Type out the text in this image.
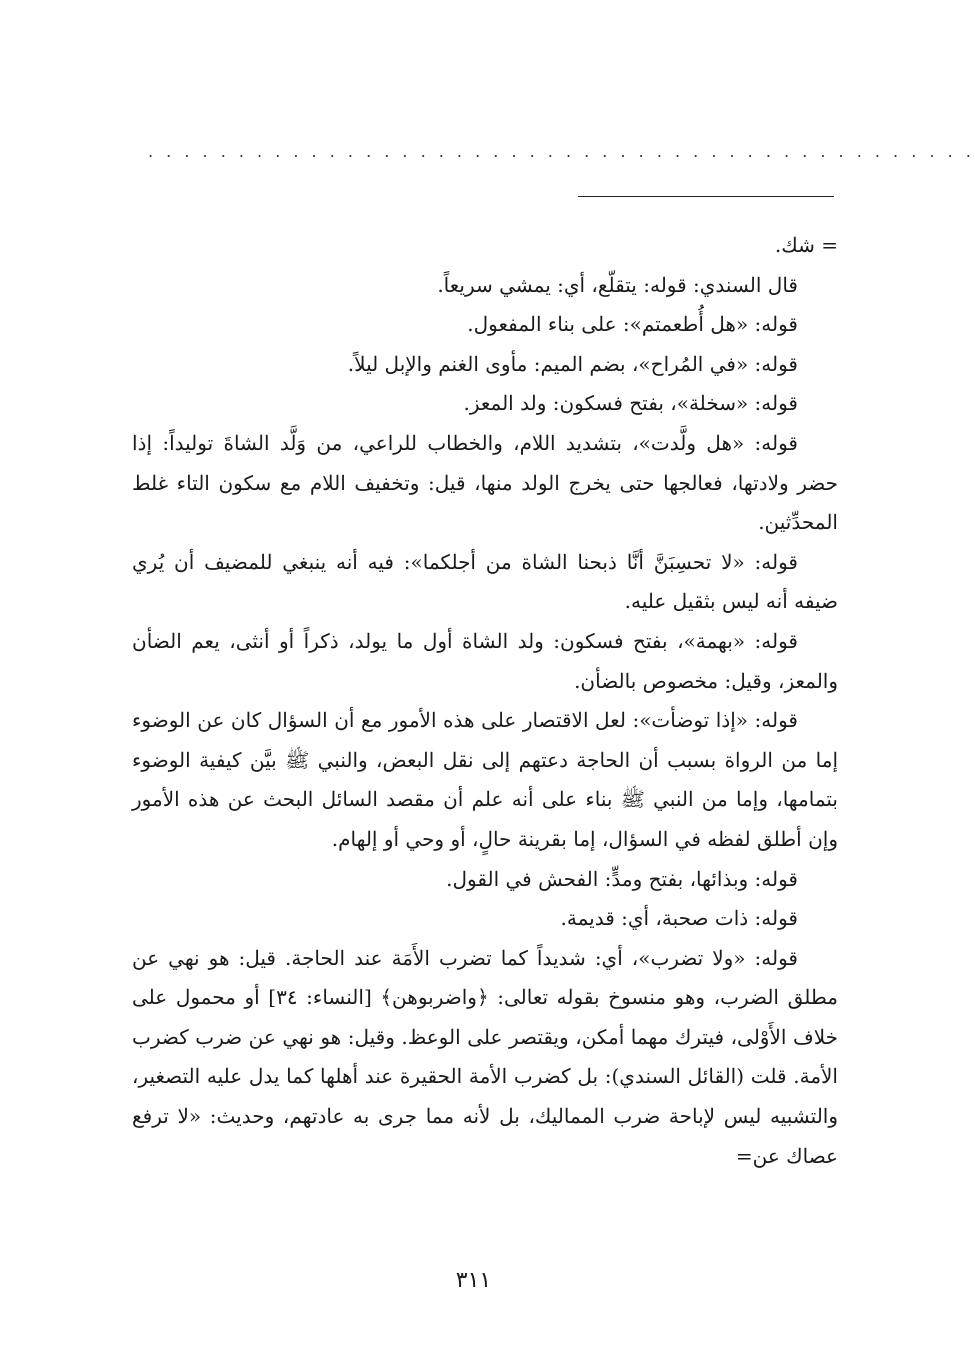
. . . . . . . . . . . . . . . . . . . . . . . . . . . . . . . . . . . . . . . . . . . . . .

= شك.

قال السندي: قوله: يتقلّع، أي: يمشي سريعاً.

قوله: «هل أُطعمتم»: على بناء المفعول.

قوله: «في المُراح»، بضم الميم: مأوى الغنم والإبل ليلاً.

قوله: «سخلة»، بفتح فسكون: ولد المعز.

قوله: «هل ولَّدت»، بتشديد اللام، والخطاب للراعي، من وَلَّد الشاةَ توليداً: إذا حضر ولادتها، فعالجها حتى يخرج الولد منها، قيل: وتخفيف اللام مع سكون التاء غلط المحدِّثين.

قوله: «لا تحسِبَنَّ أنَّا ذبحنا الشاة من أجلكما»: فيه أنه ينبغي للمضيف أن يُري ضيفه أنه ليس بثقيل عليه.

قوله: «بهمة»، بفتح فسكون: ولد الشاة أول ما يولد، ذكراً أو أنثى، يعم الضأن والمعز، وقيل: مخصوص بالضأن.

قوله: «إذا توضأت»: لعل الاقتصار على هذه الأمور مع أن السؤال كان عن الوضوء إما من الرواة بسبب أن الحاجة دعتهم إلى نقل البعض، والنبي ﷺ بيَّن كيفية الوضوء بتمامها، وإما من النبي ﷺ بناء على أنه علم أن مقصد السائل البحث عن هذه الأمور وإن أطلق لفظه في السؤال، إما بقرينة حالٍ، أو وحي أو إلهام.

قوله: وبذائها، بفتح ومدٍّ: الفحش في القول.

قوله: ذات صحبة، أي: قديمة.

قوله: «ولا تضرب»، أي: شديداً كما تضرب الأَمَة عند الحاجة. قيل: هو نهي عن مطلق الضرب، وهو منسوخ بقوله تعالى: ﴿واضربوهن﴾ [النساء: ٣٤] أو محمول على خلاف الأَوْلى، فيترك مهما أمكن، ويقتصر على الوعظ. وقيل: هو نهي عن ضرب كضرب الأمة. قلت (القائل السندي): بل كضرب الأمة الحقيرة عند أهلها كما يدل عليه التصغير، والتشبيه ليس لإباحة ضرب المماليك، بل لأنه مما جرى به عادتهم، وحديث: «لا ترفع عصاك عن=

٣١١
